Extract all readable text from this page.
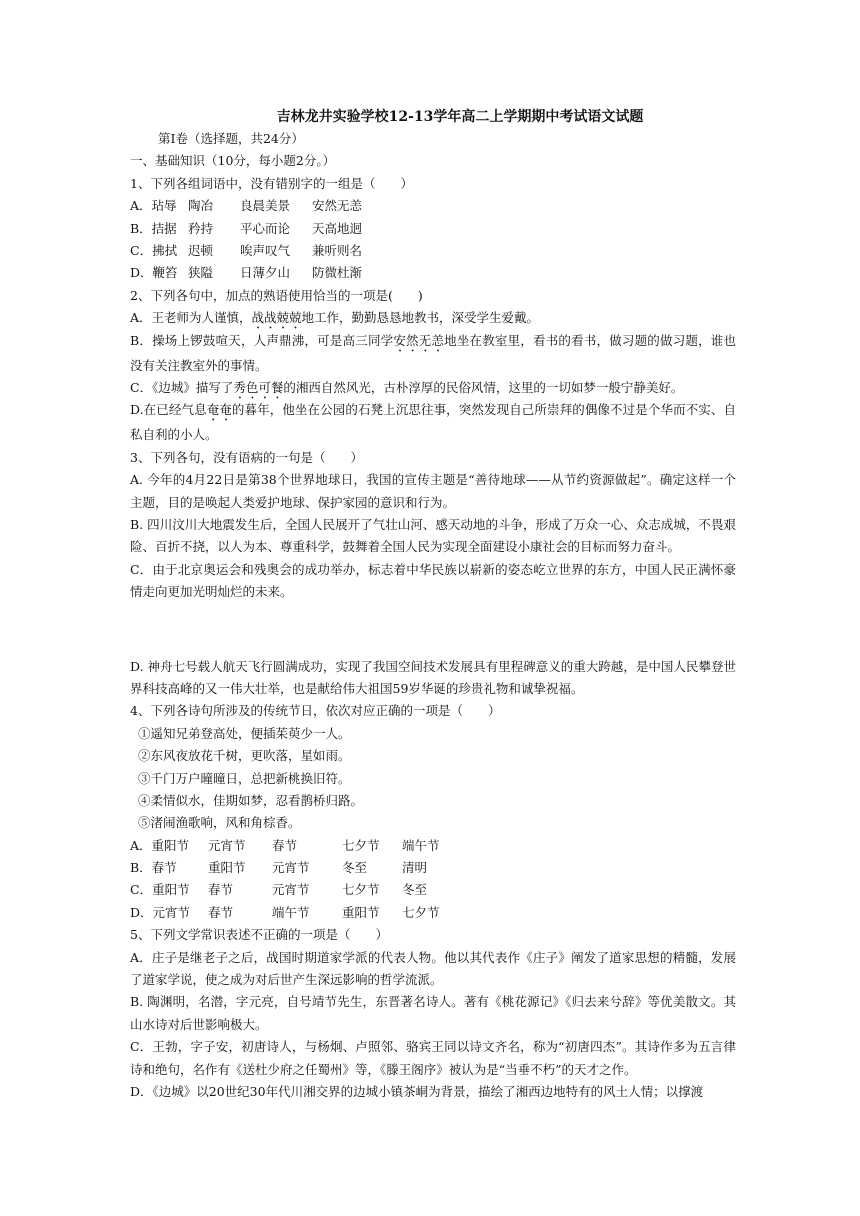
吉林龙井实验学校12-13学年高二上学期期中考试语文试题
第Ⅰ卷（选择题，共24分）
一、基础知识（10分，每小题2分。）
1、下列各组词语中，没有错别字的一组是（　　）
A．玷辱 陶冶 良晨美景 安然无恙
B．拮据 矜持 平心而论 天高地迥
C．拂拭 迟顿 唉声叹气 兼听则名
D．鞭笞 狭隘 日薄夕山 防微杜渐
2、下列各句中，加点的熟语使用恰当的一项是(　　)
A．王老师为人谨慎，战战兢兢地工作，勤勤恳恳地教书，深受学生爱戴。
B．操场上锣鼓喧天，人声鼎沸，可是高三同学安然无恙地坐在教室里，看书的看书，做习题的做习题，谁也没有关注教室外的事情。
C．《边城》描写了秀色可餐的湘西自然风光，古朴淳厚的民俗风情，这里的一切如梦一般宁静美好。
D.在已经气息奄奄的暮年，他坐在公园的石凳上沉思往事，突然发现自己所崇拜的偶像不过是个华而不实、自私自利的小人。
3、下列各句，没有语病的一句是（　　）
A. 今年的4月22日是第38个世界地球日，我国的宣传主题是“善待地球——从节约资源做起”。确定这样一个主题，目的是唤起人类爱护地球、保护家园的意识和行为。
B. 四川汶川大地震发生后，全国人民展开了气壮山河、感天动地的斗争，形成了万众一心、众志成城，不畏艰险、百折不挠，以人为本、尊重科学，鼓舞着全国人民为实现全面建设小康社会的目标而努力奋斗。
C．由于北京奥运会和残奥会的成功举办，标志着中华民族以崭新的姿态屹立世界的东方，中国人民正满怀豪情走向更加光明灿烂的未来。
D. 神舟七号载人航天飞行圆满成功，实现了我国空间技术发展具有里程碑意义的重大跨越，是中国人民攀登世界科技高峰的又一伟大壮举，也是献给伟大祖国59岁华诞的珍贵礼物和诚挚祝福。
4、下列各诗句所涉及的传统节日，依次对应正确的一项是（　　）
①遥知兄弟登高处，便插茱萸少一人。
②东风夜放花千树，更吹落，星如雨。
③千门万户曈曈日，总把新桃换旧符。
④柔情似水，佳期如梦，忍看鹊桥归路。
⑤渚闹渔歌响，风和角棕香。
A．重阳节 元宵节 春节	七夕节 端午节
B．春节	重阳节 元宵节	冬至	清明
C．重阳节 春节	元宵节	七夕节 冬至
D．元宵节 春节	端午节	重阳节 七夕节
5、下列文学常识表述不正确的一项是（　　）
A．庄子是继老子之后，战国时期道家学派的代表人物。他以其代表作《庄子》阐发了道家思想的精髓，发展了道家学说，使之成为对后世产生深远影响的哲学流派。
B. 陶渊明，名潜，字元亮，自号靖节先生，东晋著名诗人。著有《桃花源记》《归去来兮辞》等优美散文。其山水诗对后世影响极大。
C．王勃，字子安，初唐诗人，与杨炯、卢照邻、骆宾王同以诗文齐名，称为“初唐四杰”。其诗作多为五言律诗和绝句，名作有《送杜少府之任蜀州》等，《滕王阁序》被认为是“当垂不朽”的天才之作。
D．《边城》以20世纪30年代川湘交界的边城小镇茶峒为背景，描绘了湘西边地特有的风土人情；以撑渡
